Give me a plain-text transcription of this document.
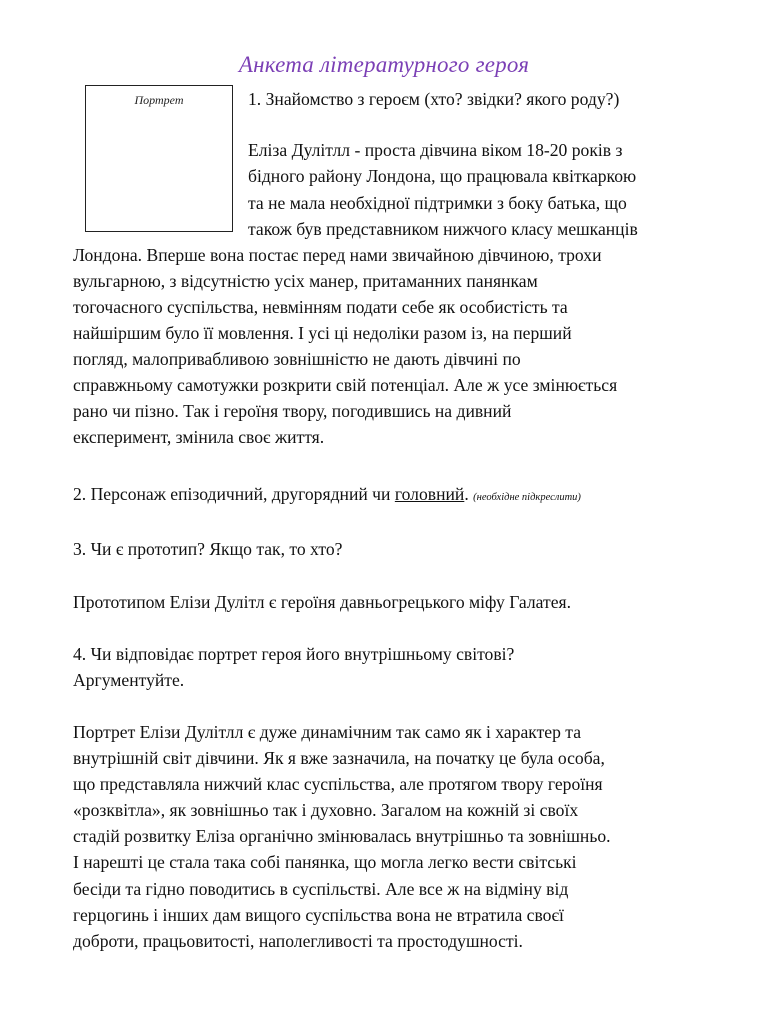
Анкета літературного героя
Портрет	1. Знайомство з героєм (хто? звідки? якого роду?)
Еліза Дулітлл - проста дівчина віком 18-20 років з
бідного району Лондона, що працювала квіткаркою
та не мала необхідної підтримки з боку батька, що
також був представником нижчого класу мешканців
Лондона. Вперше вона постає перед нами звичайною дівчиною, трохи
вульгарною, з відсутністю усіх манер, притаманних панянкам
тогочасного суспільства, невмінням подати себе як особистість та
найшіршим було її мовлення. І усі ці недоліки разом із, на перший
погляд, малопривабливою зовнішністю не дають дівчині по
справжньому самотужки розкрити свій потенціал. Але ж усе змінюється
рано чи пізно. Так і героїня твору, погодившись на дивний
експеримент, змінила своє життя.
2. Персонаж епізодичний, другорядний чи головний. (необхідне підкреслити)
3. Чи є прототип? Якщо так, то хто?
Прототипом Елізи Дулітл є героїня давньогрецького міфу Галатея.
4. Чи відповідає портрет героя його внутрішньому світові?
Аргументуйте.
Портрет Елізи Дулітлл є дуже динамічним так само як і характер та
внутрішній світ дівчини. Як я вже зазначила, на початку це була особа,
що представляла нижчий клас суспільства, але протягом твору героїня
«розквітла», як зовнішньо так і духовно. Загалом на кожній зі своїх
стадій розвитку Еліза органічно змінювалась внутрішньо та зовнішньо.
І нарешті це стала така собі панянка, що могла легко вести світські
бесіди та гідно поводитись в суспільстві. Але все ж на відміну від
герцогинь і інших дам вищого суспільства вона не втратила своєї
доброти, працьовитості, наполегливості та простодушності.
